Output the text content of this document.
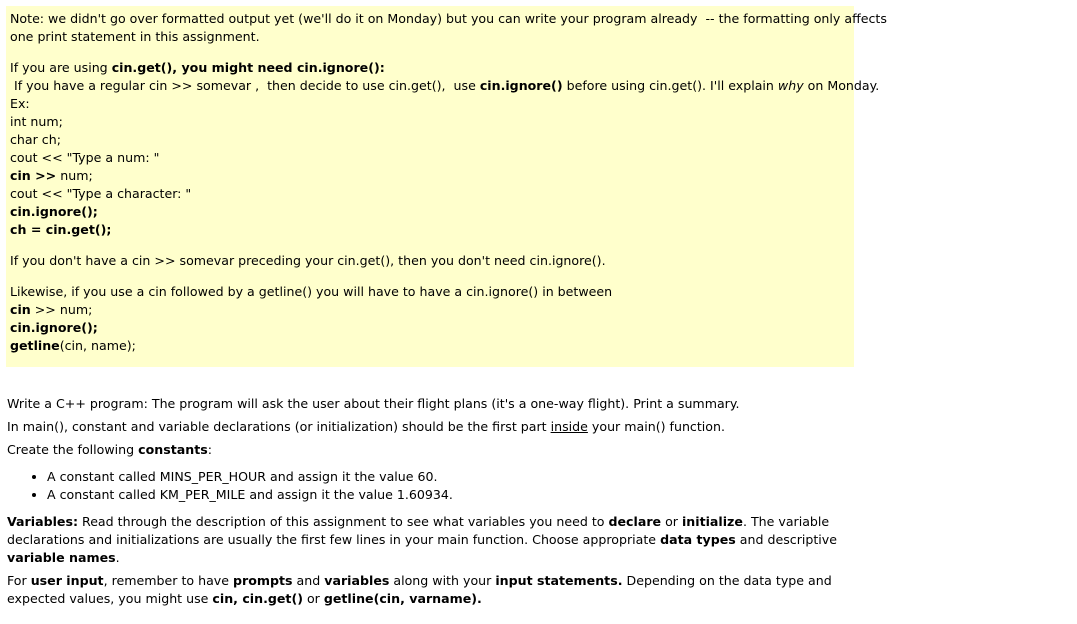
Note: we didn't go over formatted output yet (we'll do it on Monday) but you can write your program already  -- the formatting only affects
one print statement in this assignment.
If you are using cin.get(), you might need cin.ignore():
If you have a regular cin >> somevar ,  then decide to use cin.get(),  use cin.ignore() before using cin.get(). I'll explain why on Monday.
Ex:
int num;
char ch;
cout << "Type a num: "
cin >> num;
cout << "Type a character: "
cin.ignore();
ch = cin.get();
If you don't have a cin >> somevar preceding your cin.get(), then you don't need cin.ignore().
Likewise, if you use a cin followed by a getline() you will have to have a cin.ignore() in between
cin >> num;
cin.ignore();
getline(cin, name);
Write a C++ program: The program will ask the user about their flight plans (it's a one-way flight). Print a summary.
In main(), constant and variable declarations (or initialization) should be the first part inside your main() function.
Create the following constants:
• A constant called MINS_PER_HOUR and assign it the value 60.
• A constant called KM_PER_MILE and assign it the value 1.60934.
Variables: Read through the description of this assignment to see what variables you need to declare or initialize. The variable declarations and initializations are usually the first few lines in your main function. Choose appropriate data types and descriptive variable names.
For user input, remember to have prompts and variables along with your input statements. Depending on the data type and expected values, you might use cin, cin.get() or getline(cin, varname).
